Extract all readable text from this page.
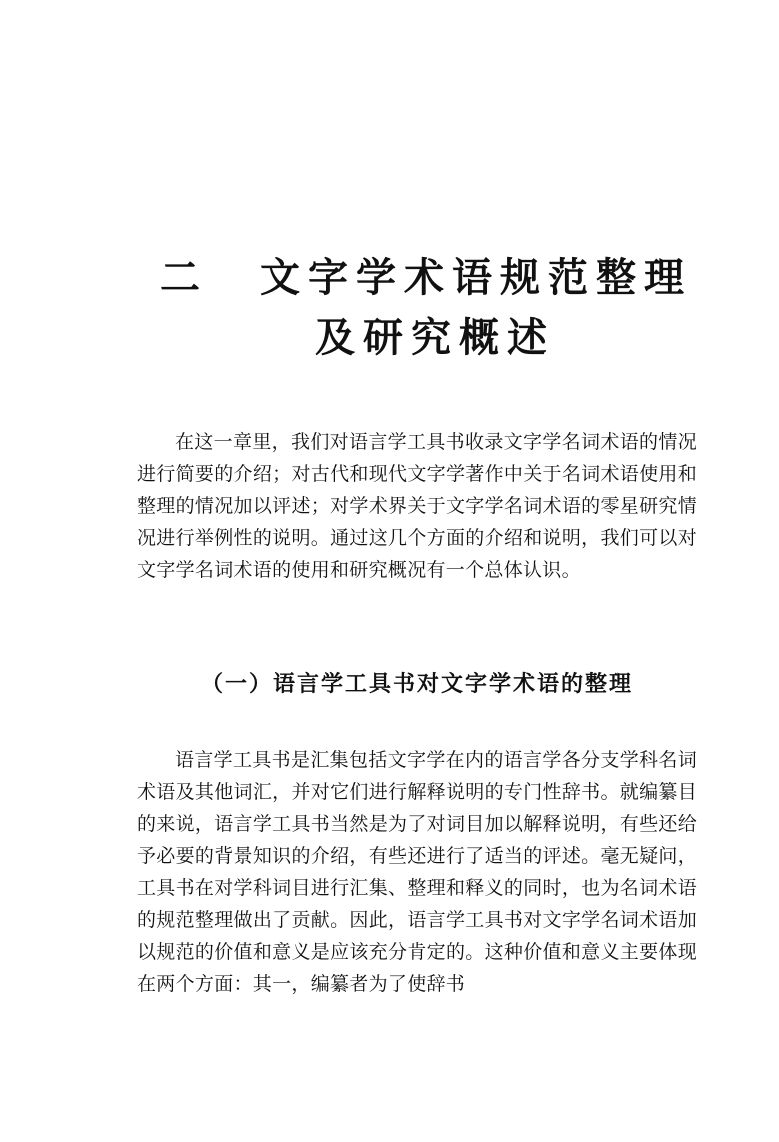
二 文字学术语规范整理
及研究概述

在这一章里，我们对语言学工具书收录文字学名词术语的情况进行简要的介绍；对古代和现代文字学著作中关于名词术语使用和整理的情况加以评述；对学术界关于文字学名词术语的零星研究情况进行举例性的说明。通过这几个方面的介绍和说明，我们可以对文字学名词术语的使用和研究概况有一个总体认识。

（一）语言学工具书对文字学术语的整理

语言学工具书是汇集包括文字学在内的语言学各分支学科名词术语及其他词汇，并对它们进行解释说明的专门性辞书。就编纂目的来说，语言学工具书当然是为了对词目加以解释说明，有些还给予必要的背景知识的介绍，有些还进行了适当的评述。毫无疑问，工具书在对学科词目进行汇集、整理和释义的同时，也为名词术语的规范整理做出了贡献。因此，语言学工具书对文字学名词术语加以规范的价值和意义是应该充分肯定的。这种价值和意义主要体现在两个方面：其一，编纂者为了使辞书
